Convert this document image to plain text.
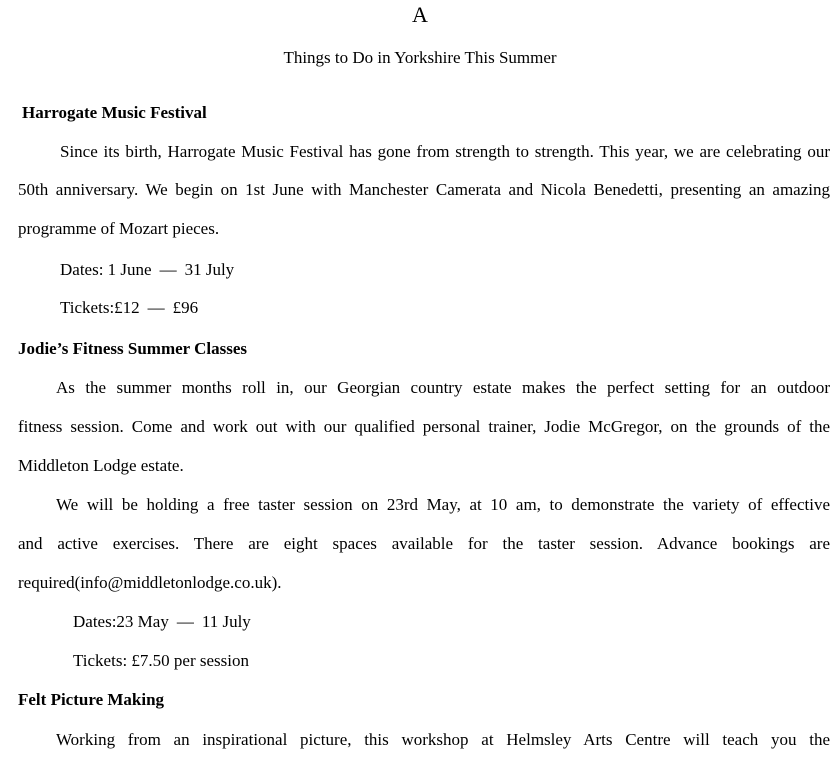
A
Things to Do in Yorkshire This Summer
Harrogate Music Festival
Since its birth, Harrogate Music Festival has gone from strength to strength. This year, we are celebrating our
50th anniversary. We begin on 1st June with Manchester Camerata and Nicola Benedetti, presenting an amazing
programme of Mozart pieces.
Dates: 1 June — 31 July
Tickets:£12 — £96
Jodie’s Fitness Summer Classes
As the summer months roll in, our Georgian country estate makes the perfect setting for an outdoor
fitness session. Come and work out with our qualified personal trainer, Jodie McGregor, on the grounds of the
Middleton Lodge estate.
We will be holding a free taster session on 23rd May, at 10 am, to demonstrate the variety of effective
and active exercises. There are eight spaces available for the taster session. Advance bookings are
required(info@middletonlodge.co.uk).
Dates:23 May — 11 July
Tickets: £7.50 per session
Felt Picture Making
Working from an inspirational picture, this workshop at Helmsley Arts Centre will teach you the
